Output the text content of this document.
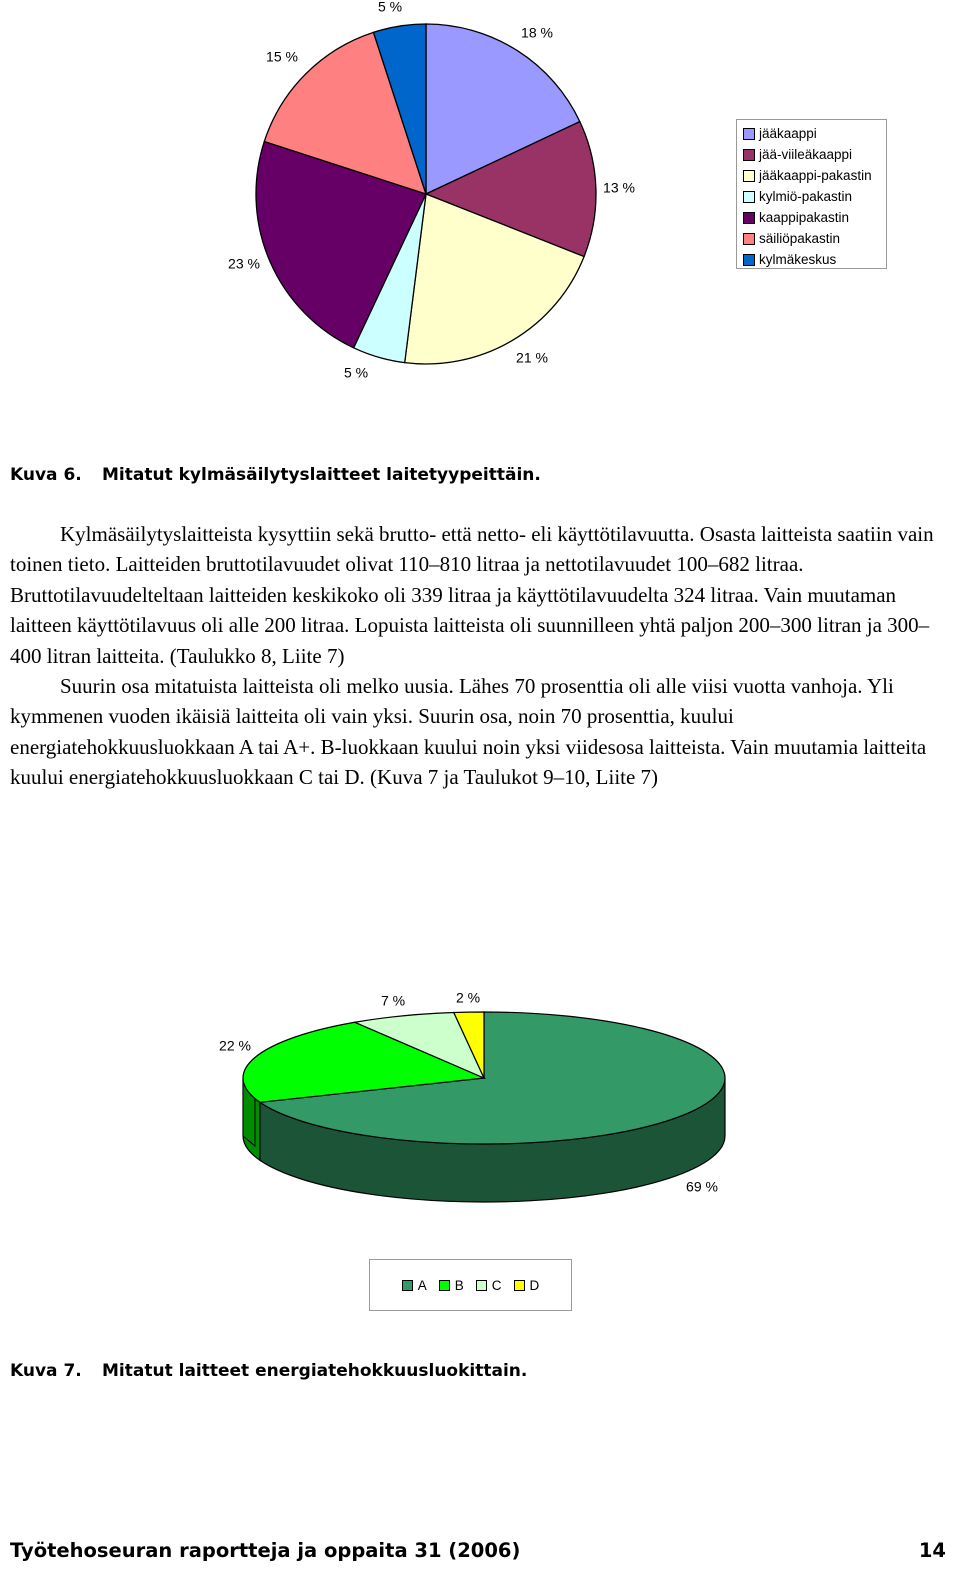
18 %
13 %
21 %
5 %
23 %
15 %
5 %
jääkaappi
jää-viileäkaappi
jääkaappi-pakastin
kylmiö-pakastin
kaappipakastin
säiliöpakastin
kylmäkeskus
Kuva 6. Mitatut kylmäsäilytyslaitteet laitetyypeittäin.

Kylmäsäilytyslaitteista kysyttiin sekä brutto- että netto- eli käyttötilavuutta. Osasta laitteista saatiin vain toinen tieto. Laitteiden bruttotilavuudet olivat 110–810 litraa ja nettotilavuudet 100–682 litraa. Bruttotilavuudelteltaan laitteiden keskikoko oli 339 litraa ja käyttötilavuudelta 324 litraa. Vain muutaman laitteen käyttötilavuus oli alle 200 litraa. Lopuista laitteista oli suunnilleen yhtä paljon 200–300 litran ja 300–400 litran laitteita. (Taulukko 8, Liite 7)

Suurin osa mitatuista laitteista oli melko uusia. Lähes 70 prosenttia oli alle viisi vuotta vanhoja. Yli kymmenen vuoden ikäisiä laitteita oli vain yksi. Suurin osa, noin 70 prosenttia, kuului energiatehokkuusluokkaan A tai A+. B-luokkaan kuului noin yksi viidesosa laitteista. Vain muutamia laitteita kuului energiatehokkuusluokkaan C tai D. (Kuva 7 ja Taulukot 9–10, Liite 7)

69 %
22 %
7 %	2 %
A B C D
Kuva 7. Mitatut laitteet energiatehokkuusluokittain.
Työtehoseuran raportteja ja oppaita 31 (2006)	14
